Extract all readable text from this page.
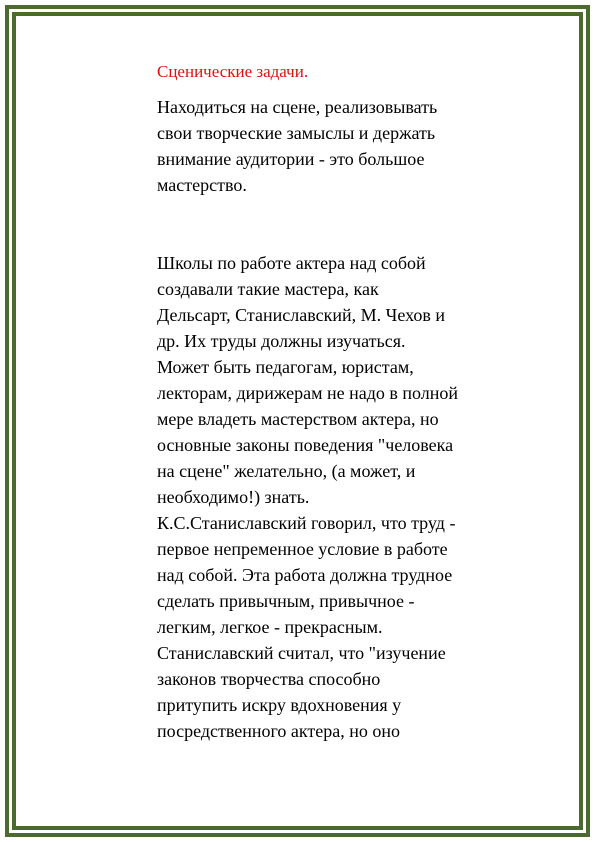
Сценические задачи.

Находиться на сцене, реализовывать
свои творческие замыслы и держать
внимание аудитории - это большое
мастерство.

Школы по работе актера над собой
создавали такие мастера, как
Дельсарт, Станиславский, М. Чехов и
др. Их труды должны изучаться.
Может быть педагогам, юристам,
лекторам, дирижерам не надо в полной
мере владеть мастерством актера, но
основные законы поведения "человека
на сцене" желательно, (а может, и
необходимо!) знать.
К.С.Станиславский говорил, что труд -
первое непременное условие в работе
над собой. Эта работа должна трудное
сделать привычным, привычное -
легким, легкое - прекрасным.
Станиславский считал, что "изучение
законов творчества способно
притупить искру вдохновения у
посредственного актера, но оно
